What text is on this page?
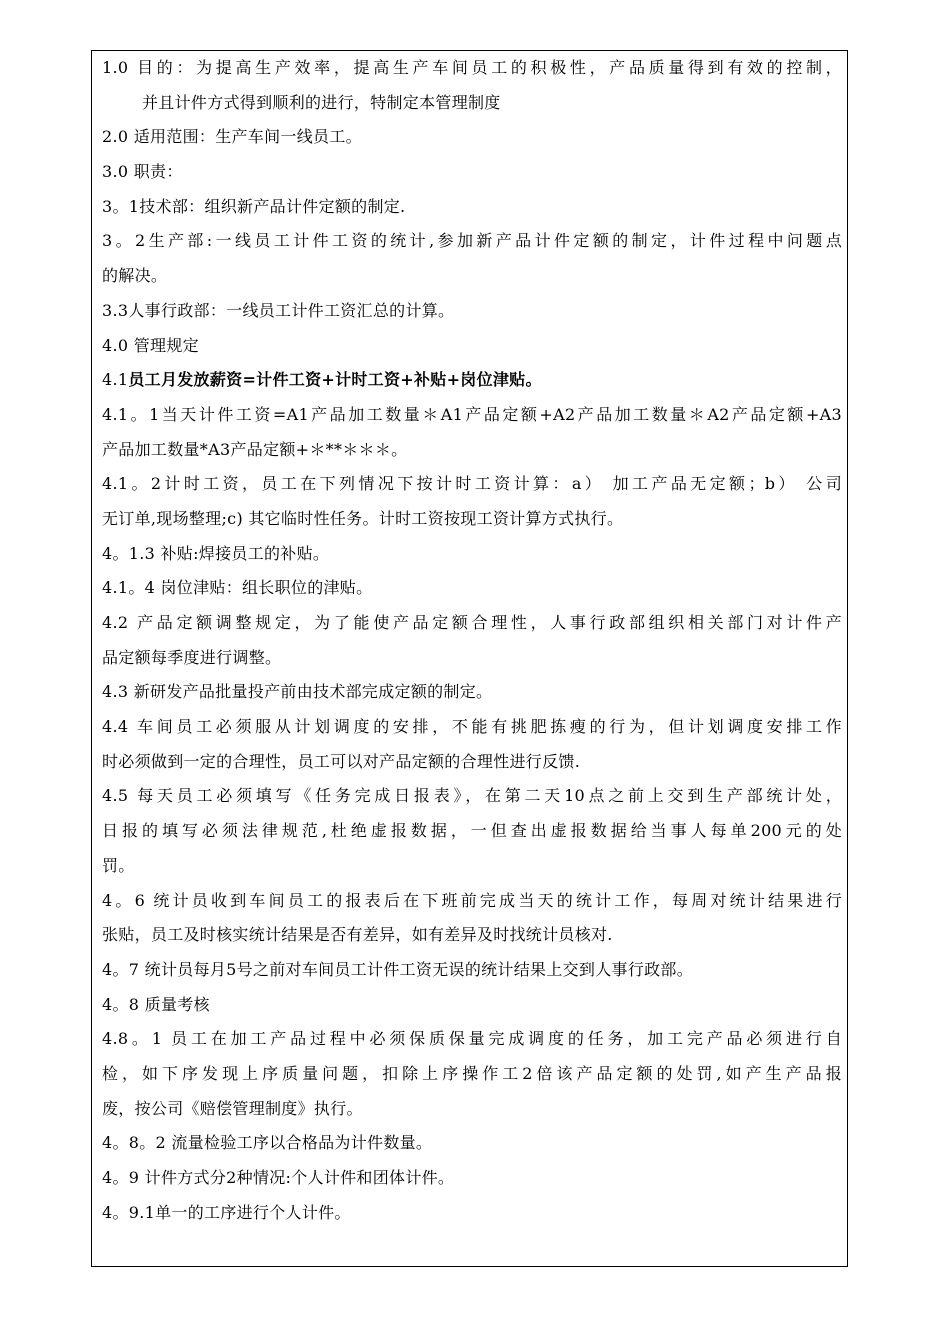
1.0 目的：为提高生产效率，提高生产车间员工的积极性，产品质量得到有效的控制，
并且计件方式得到顺利的进行，特制定本管理制度
2.0 适用范围：生产车间一线员工。
3.0 职责：
3。1技术部：组织新产品计件定额的制定.
3。2生产部:一线员工计件工资的统计,参加新产品计件定额的制定，计件过程中问题点
的解决。
3.3人事行政部：一线员工计件工资汇总的计算。
4.0 管理规定
4.1员工月发放薪资=计件工资+计时工资+补贴+岗位津贴。
4.1。1当天计件工资=A1产品加工数量＊A1产品定额+A2产品加工数量＊A2产品定额+A3
产品加工数量*A3产品定额+＊**＊＊＊。
4.1。2计时工资，员工在下列情况下按计时工资计算：a） 加工产品无定额；b） 公司
无订单,现场整理;c) 其它临时性任务。计时工资按现工资计算方式执行。
4。1.3 补贴:焊接员工的补贴。
4.1。4 岗位津贴：组长职位的津贴。
4.2 产品定额调整规定，为了能使产品定额合理性，人事行政部组织相关部门对计件产
品定额每季度进行调整。
4.3 新研发产品批量投产前由技术部完成定额的制定。
4.4 车间员工必须服从计划调度的安排，不能有挑肥拣瘦的行为，但计划调度安排工作
时必须做到一定的合理性，员工可以对产品定额的合理性进行反馈.
4.5 每天员工必须填写《任务完成日报表》，在第二天10点之前上交到生产部统计处，
日报的填写必须法律规范,杜绝虚报数据，一但查出虚报数据给当事人每单200元的处
罚。
4。6 统计员收到车间员工的报表后在下班前完成当天的统计工作，每周对统计结果进行
张贴，员工及时核实统计结果是否有差异，如有差异及时找统计员核对.
4。7 统计员每月5号之前对车间员工计件工资无误的统计结果上交到人事行政部。
4。8 质量考核
4.8。1 员工在加工产品过程中必须保质保量完成调度的任务，加工完产品必须进行自
检，如下序发现上序质量问题，扣除上序操作工2倍该产品定额的处罚,如产生产品报
废，按公司《赔偿管理制度》执行。
4。8。2 流量检验工序以合格品为计件数量。
4。9 计件方式分2种情况:个人计件和团体计件。
4。9.1单一的工序进行个人计件。
